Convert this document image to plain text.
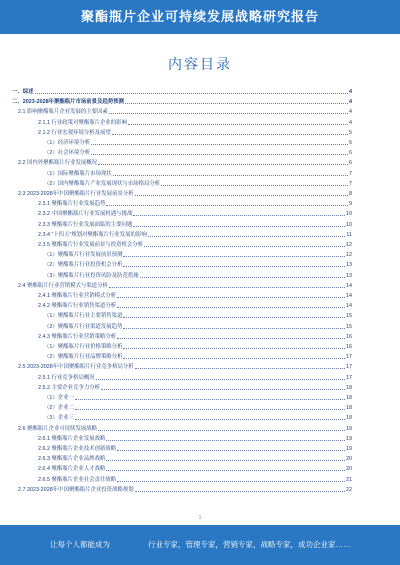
聚酯瓶片企业可持续发展战略研究报告
内容目录
一、综述	4
二、2023-2028年聚酯瓶片市场前景及趋势预测	4
2.1 影响聚酯瓶片企业发展的主要因素	4
2.1.1 行业政策对聚酯瓶片企业的影响	4
2.1.2 行业宏观环境分析及展望	5
（1）经济环境分析	6
（2）社会环境分析	6
2.2 国内外聚酯瓶片行业发展概况	6
（1）国际聚酯瓶片市场现状	7
（2）国内聚酯瓶片产业发展现状与市场格局分析	7
2.3 2023-2028年中国聚酯瓶片行业发展前景分析	8
2.3.1 聚酯瓶片行业发展趋势	9
2.3.2 中国聚酯瓶片行业发展机遇与挑战	10
2.3.3 聚酯瓶片行业发展面临的主要问题	10
2.3.4 “十四五”规划对聚酯瓶片行业发展的影响	11
2.3.5 聚酯瓶片行业发展前景与投资机会分析	12
（1）聚酯瓶片行业发展前景预测	12
（2）聚酯瓶片行业投资机会分析	13
（3）聚酯瓶片行业投资风险及防范措施	13
2.4 聚酯瓶片行业营销模式与渠道分析	14
2.4.1 聚酯瓶片行业营销模式分析	14
2.4.2 聚酯瓶片行业销售渠道分析	14
（1）聚酯瓶片行业主要销售渠道	15
（2）聚酯瓶片行业渠道发展趋势	15
2.4.3 聚酯瓶片行业营销策略分析	16
（1）聚酯瓶片行业价格策略分析	16
（2）聚酯瓶片行业品牌策略分析	17
2.5 2023-2028年中国聚酯瓶片行业竞争格局分析	17
2.5.1 行业竞争格局概况	17
2.5.2 主要企业竞争力分析	18
（1）企业一	18
（2）企业二	18
（3）企业三	18
2.6 聚酯瓶片企业可持续发展战略	19
2.6.1 聚酯瓶片企业发展战略	19
2.6.2 聚酯瓶片企业技术创新战略	19
2.6.3 聚酯瓶片企业品牌战略	20
2.6.4 聚酯瓶片企业人才战略	20
2.6.5 聚酯瓶片企业社会责任战略	21
2.7 2023-2028年中国聚酯瓶片企业投资战略规划	22
1
让每个人都能成为	行业专家，管理专家，营销专家，战略专家，成功企业家……
